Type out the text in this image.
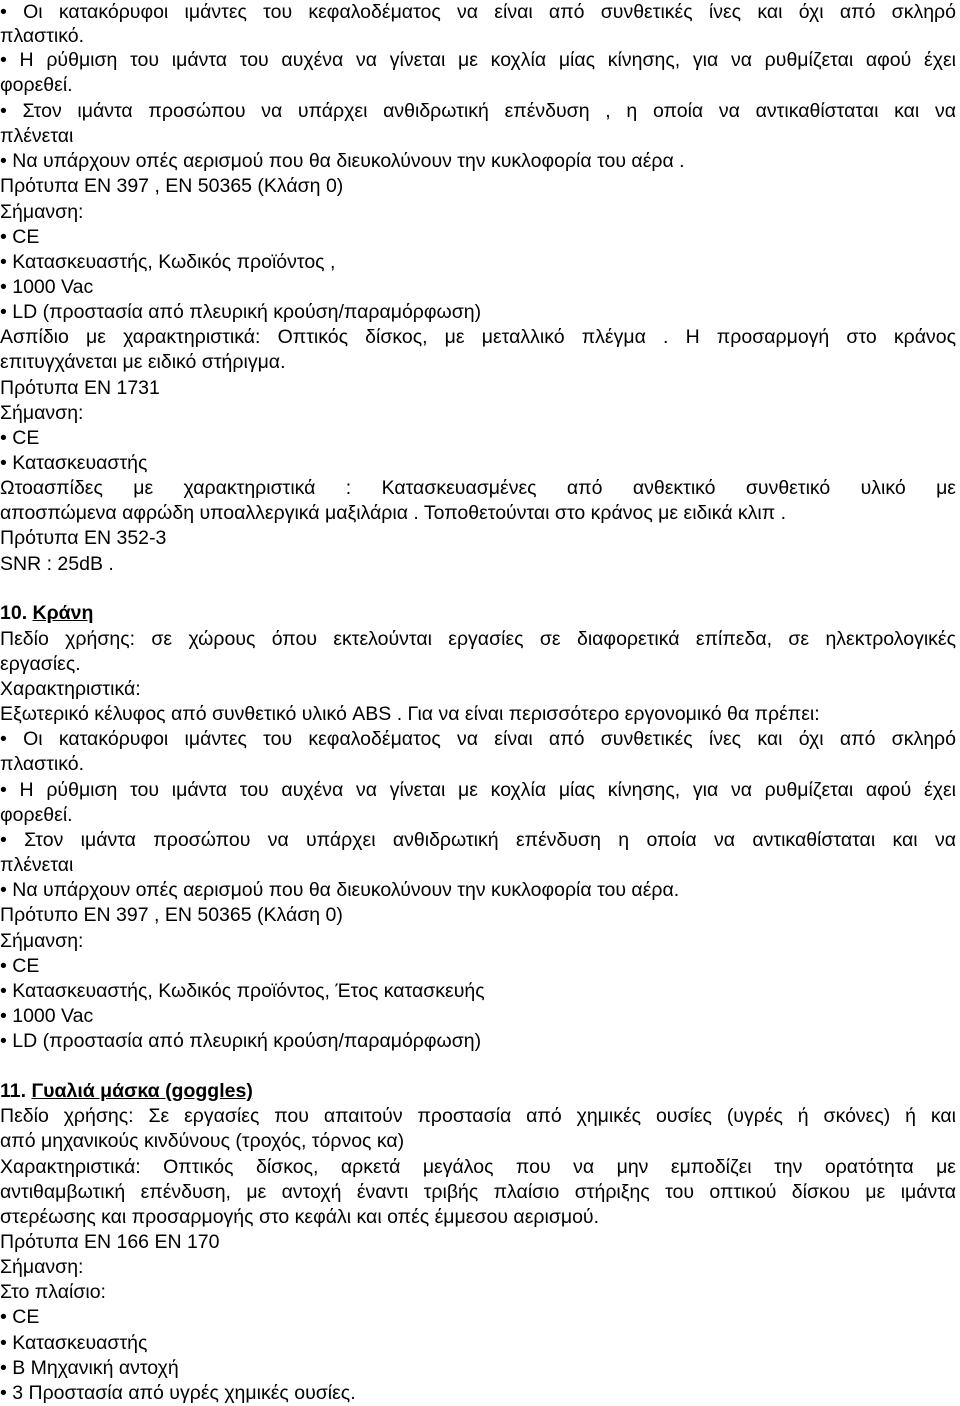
• Οι κατακόρυφοι ιμάντες του κεφαλοδέματος να είναι από συνθετικές ίνες και όχι από σκληρό
πλαστικό.
• Η ρύθμιση του ιμάντα του αυχένα να γίνεται με κοχλία μίας κίνησης, για να ρυθμίζεται αφού έχει
φορεθεί.
• Στον ιμάντα προσώπου να υπάρχει ανθιδρωτική επένδυση , η οποία να αντικαθίσταται και να
πλένεται
• Να υπάρχουν οπές αερισμού που θα διευκολύνουν την κυκλοφορία του αέρα .
Πρότυπα ΕΝ 397 , ΕΝ 50365 (Κλάση 0)
Σήμανση:
• CE
• Κατασκευαστής, Κωδικός προϊόντος ,
• 1000 Vac
• LD (προστασία από πλευρική κρούση/παραμόρφωση)
Ασπίδιο με χαρακτηριστικά: Οπτικός δίσκος, με μεταλλικό πλέγμα . Η προσαρμογή στο κράνος
επιτυγχάνεται με ειδικό στήριγμα.
Πρότυπα ΕΝ 1731
Σήμανση:
• CE
• Κατασκευαστής
Ωτοασπίδες με χαρακτηριστικά : Κατασκευασμένες από ανθεκτικό συνθετικό υλικό με
αποσπώμενα αφρώδη υποαλλεργικά μαξιλάρια . Τοποθετούνται στο κράνος με ειδικά κλιπ .
Πρότυπα ΕΝ 352-3
SNR : 25dB .
10. Κράνη
Πεδίο χρήσης: σε χώρους όπου εκτελούνται εργασίες σε διαφορετικά επίπεδα, σε ηλεκτρολογικές
εργασίες.
Χαρακτηριστικά:
Εξωτερικό κέλυφος από συνθετικό υλικό ABS . Για να είναι περισσότερο εργονομικό θα πρέπει:
• Οι κατακόρυφοι ιμάντες του κεφαλοδέματος να είναι από συνθετικές ίνες και όχι από σκληρό
πλαστικό.
• Η ρύθμιση του ιμάντα του αυχένα να γίνεται με κοχλία μίας κίνησης, για να ρυθμίζεται αφού έχει
φορεθεί.
• Στον ιμάντα προσώπου να υπάρχει ανθιδρωτική επένδυση η οποία να αντικαθίσταται και να
πλένεται
• Να υπάρχουν οπές αερισμού που θα διευκολύνουν την κυκλοφορία του αέρα.
Πρότυπο ΕΝ 397 , ΕΝ 50365 (Κλάση 0)
Σήμανση:
• CE
• Κατασκευαστής, Κωδικός προϊόντος, Έτος κατασκευής
• 1000 Vac
• LD (προστασία από πλευρική κρούση/παραμόρφωση)
11. Γυαλιά μάσκα (goggles)
Πεδίο χρήσης: Σε εργασίες που απαιτούν προστασία από χημικές ουσίες (υγρές ή σκόνες) ή και
από μηχανικούς κινδύνους (τροχός, τόρνος κα)
Χαρακτηριστικά: Οπτικός δίσκος, αρκετά μεγάλος που να μην εμποδίζει την ορατότητα με
αντιθαμβωτική επένδυση, με αντοχή έναντι τριβής πλαίσιο στήριξης του οπτικού δίσκου με ιμάντα
στερέωσης και προσαρμογής στο κεφάλι και οπές έμμεσου αερισμού.
Πρότυπα ΕΝ 166 ΕΝ 170
Σήμανση:
Στο πλαίσιο:
• CE
• Κατασκευαστής
• B Μηχανική αντοχή
• 3 Προστασία από υγρές χημικές ουσίες.
